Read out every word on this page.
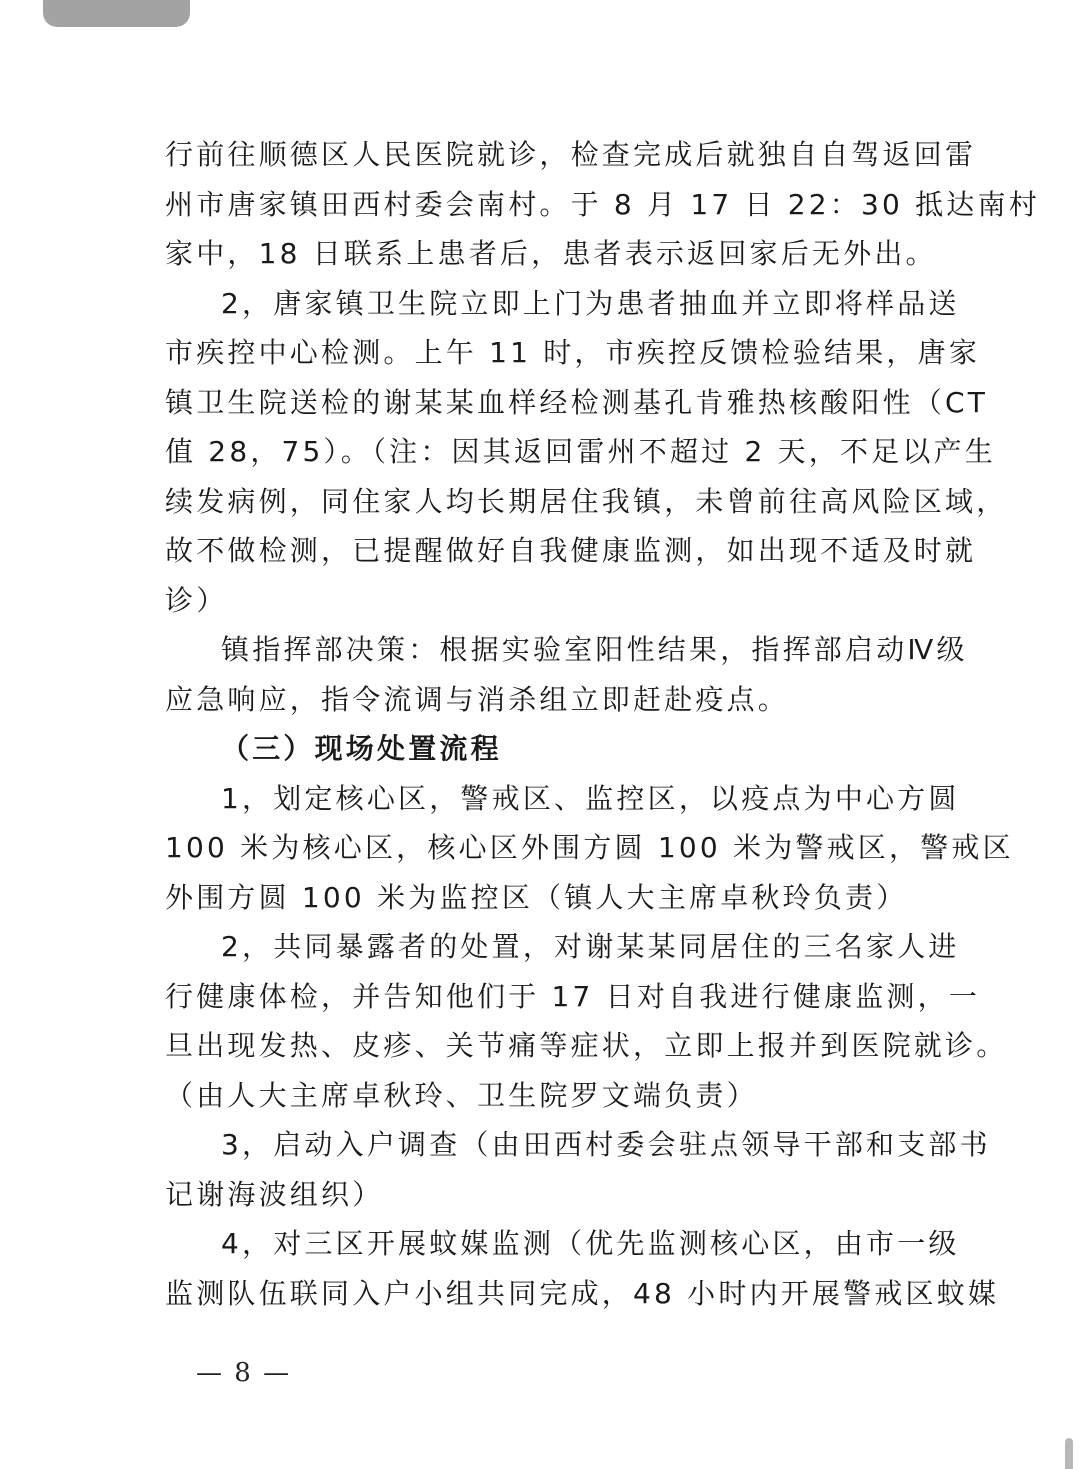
行前往顺德区人民医院就诊，检查完成后就独自自驾返回雷
州市唐家镇田西村委会南村。于 8 月 17 日 22：30 抵达南村
家中，18 日联系上患者后，患者表示返回家后无外出。
2，唐家镇卫生院立即上门为患者抽血并立即将样品送
市疾控中心检测。上午 11 时，市疾控反馈检验结果，唐家
镇卫生院送检的谢某某血样经检测基孔肯雅热核酸阳性（CT
值 28，75）。（注：因其返回雷州不超过 2 天，不足以产生
续发病例，同住家人均长期居住我镇，未曾前往高风险区域，
故不做检测，已提醒做好自我健康监测，如出现不适及时就
诊）
镇指挥部决策：根据实验室阳性结果，指挥部启动Ⅳ级
应急响应，指令流调与消杀组立即赶赴疫点。
（三）现场处置流程
1，划定核心区，警戒区、监控区，以疫点为中心方圆
100 米为核心区，核心区外围方圆 100 米为警戒区，警戒区
外围方圆 100 米为监控区（镇人大主席卓秋玲负责）
2，共同暴露者的处置，对谢某某同居住的三名家人进
行健康体检，并告知他们于 17 日对自我进行健康监测，一
旦出现发热、皮疹、关节痛等症状，立即上报并到医院就诊。
（由人大主席卓秋玲、卫生院罗文端负责）
3，启动入户调查（由田西村委会驻点领导干部和支部书
记谢海波组织）
4，对三区开展蚊媒监测（优先监测核心区，由市一级
监测队伍联同入户小组共同完成，48 小时内开展警戒区蚊媒
— 8 —
